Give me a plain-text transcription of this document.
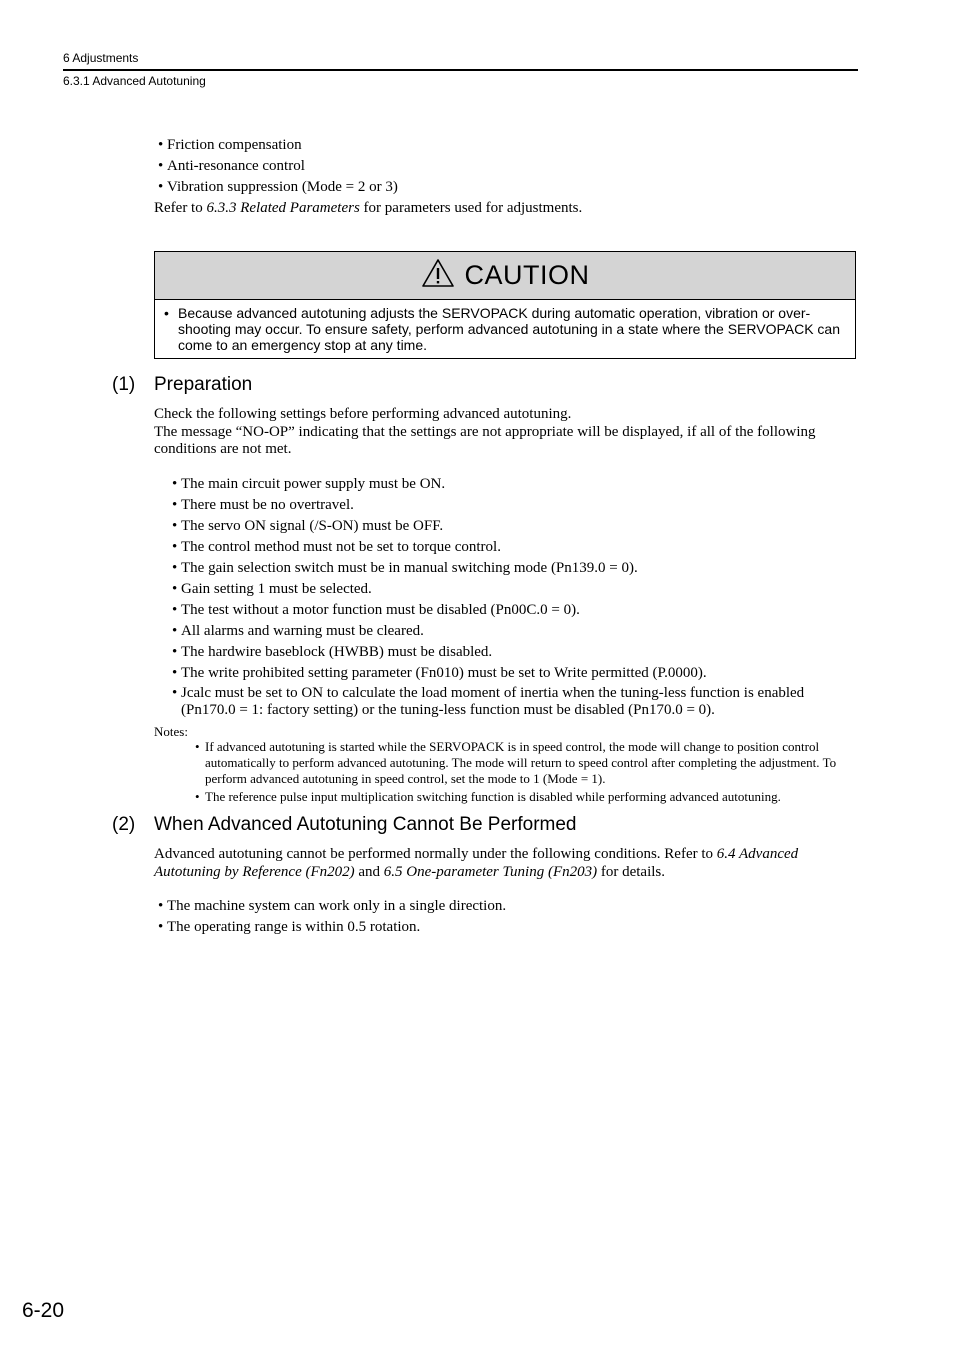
6 Adjustments
6.3.1 Advanced Autotuning
• Friction compensation
• Anti-resonance control
• Vibration suppression (Mode = 2 or 3)
Refer to 6.3.3 Related Parameters for parameters used for adjustments.
CAUTION
• Because advanced autotuning adjusts the SERVOPACK during automatic operation, vibration or over-shooting may occur. To ensure safety, perform advanced autotuning in a state where the SERVOPACK can come to an emergency stop at any time.
(1) Preparation
Check the following settings before performing advanced autotuning.
The message “NO-OP” indicating that the settings are not appropriate will be displayed, if all of the following conditions are not met.
• The main circuit power supply must be ON.
• There must be no overtravel.
• The servo ON signal (/S-ON) must be OFF.
• The control method must not be set to torque control.
• The gain selection switch must be in manual switching mode (Pn139.0 = 0).
• Gain setting 1 must be selected.
• The test without a motor function must be disabled (Pn00C.0 = 0).
• All alarms and warning must be cleared.
• The hardwire baseblock (HWBB) must be disabled.
• The write prohibited setting parameter (Fn010) must be set to Write permitted (P.0000).
• Jcalc must be set to ON to calculate the load moment of inertia when the tuning-less function is enabled
(Pn170.0 = 1: factory setting) or the tuning-less function must be disabled (Pn170.0 = 0).
Notes:
• If advanced autotuning is started while the SERVOPACK is in speed control, the mode will change to position control automatically to perform advanced autotuning. The mode will return to speed control after completing the adjustment. To perform advanced autotuning in speed control, set the mode to 1 (Mode = 1).
• The reference pulse input multiplication switching function is disabled while performing advanced autotuning.
(2) When Advanced Autotuning Cannot Be Performed
Advanced autotuning cannot be performed normally under the following conditions. Refer to 6.4 Advanced Autotuning by Reference (Fn202) and 6.5 One-parameter Tuning (Fn203) for details.
• The machine system can work only in a single direction.
• The operating range is within 0.5 rotation.
6-20
